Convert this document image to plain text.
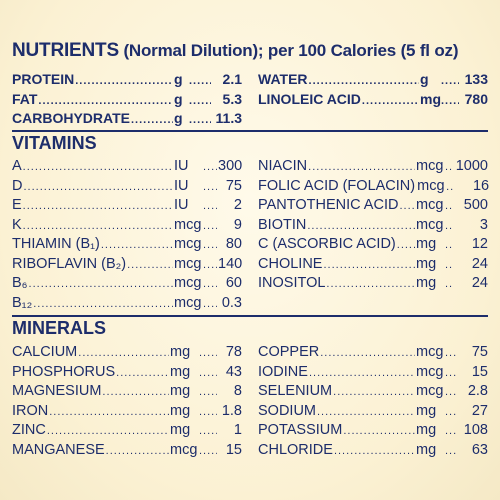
NUTRIENTS (Normal Dilution); per 100 Calories (5 fl oz)
PROTEIN .....	g .....	2.1
FAT .....	g .....	5.3
CARBOHYDRATE .....	g .....	11.3
WATER .....	g .....	133
LINOLEIC ACID .....	mg .....	780
VITAMINS
A .....	IU .....	300
D .....	IU .....	75
E .....	IU .....	2
K .....	mcg .....	9
THIAMIN (B₁) .....	mcg .....	80
RIBOFLAVIN (B₂) .....	mcg ..... 140
B₆ .....	mcg .....	60
B₁₂ .....	mcg ..... 0.3
NIACIN .....	mcg ..... 1000
FOLIC ACID (FOLACIN) mcg .....	16
PANTOTHENIC ACID ..... mcg .....	500
BIOTIN .....	mcg .....	3
C (ASCORBIC ACID) ..... mg .....	12
CHOLINE .....	mg .....	24
INOSITOL .....	mg .....	24
MINERALS
CALCIUM .....	mg .....	78
PHOSPHORUS .....	mg .....	43
MAGNESIUM .....	mg .....	8
IRON .....	mg .....	1.8
ZINC .....	mg .....	1
MANGANESE .....	mcg .....	15
COPPER .....	mcg .....	75
IODINE .....	mcg .....	15
SELENIUM .....	mcg .....	2.8
SODIUM .....	mg .....	27
POTASSIUM .....	mg .....	108
CHLORIDE .....	mg .....	63
